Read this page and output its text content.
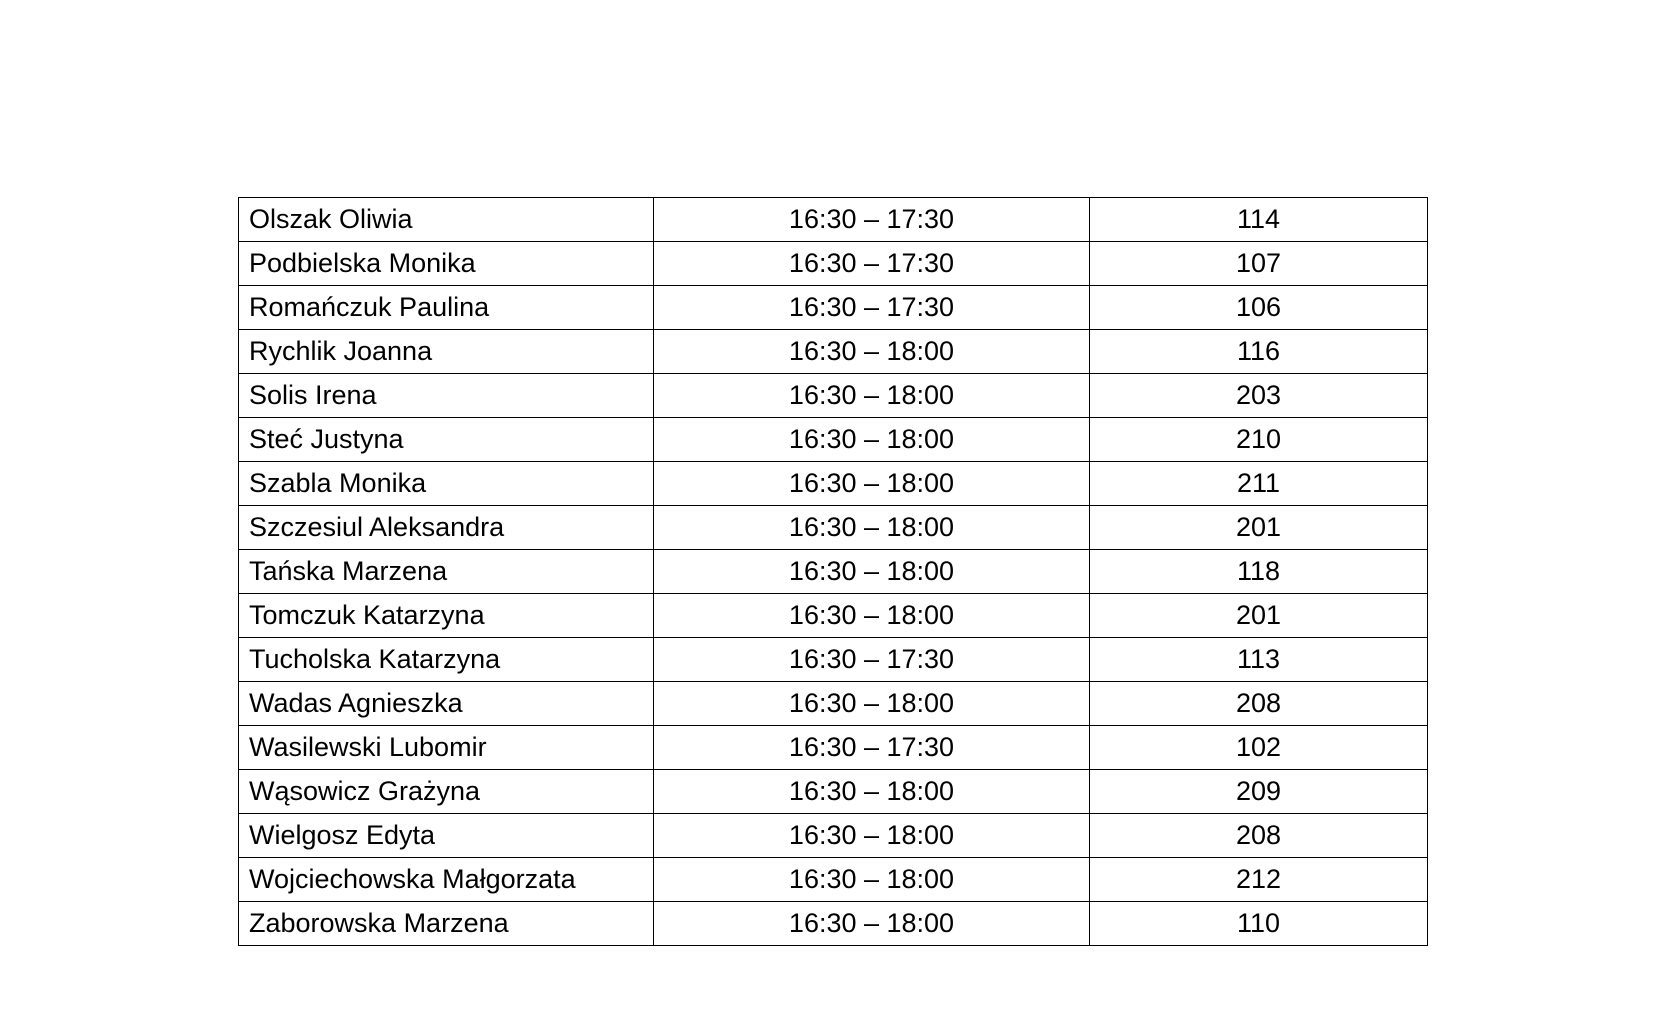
Olszak Oliwia	16:30 – 17:30	114
Podbielska Monika	16:30 – 17:30	107
Romańczuk Paulina	16:30 – 17:30	106
Rychlik Joanna	16:30 – 18:00	116
Solis Irena	16:30 – 18:00	203
Steć Justyna	16:30 – 18:00	210
Szabla Monika	16:30 – 18:00	211
Szczesiul Aleksandra	16:30 – 18:00	201
Tańska Marzena	16:30 – 18:00	118
Tomczuk Katarzyna	16:30 – 18:00	201
Tucholska Katarzyna	16:30 – 17:30	113
Wadas Agnieszka	16:30 – 18:00	208
Wasilewski Lubomir	16:30 – 17:30	102
Wąsowicz Grażyna	16:30 – 18:00	209
Wielgosz Edyta	16:30 – 18:00	208
Wojciechowska Małgorzata	16:30 – 18:00	212
Zaborowska Marzena	16:30 – 18:00	110
